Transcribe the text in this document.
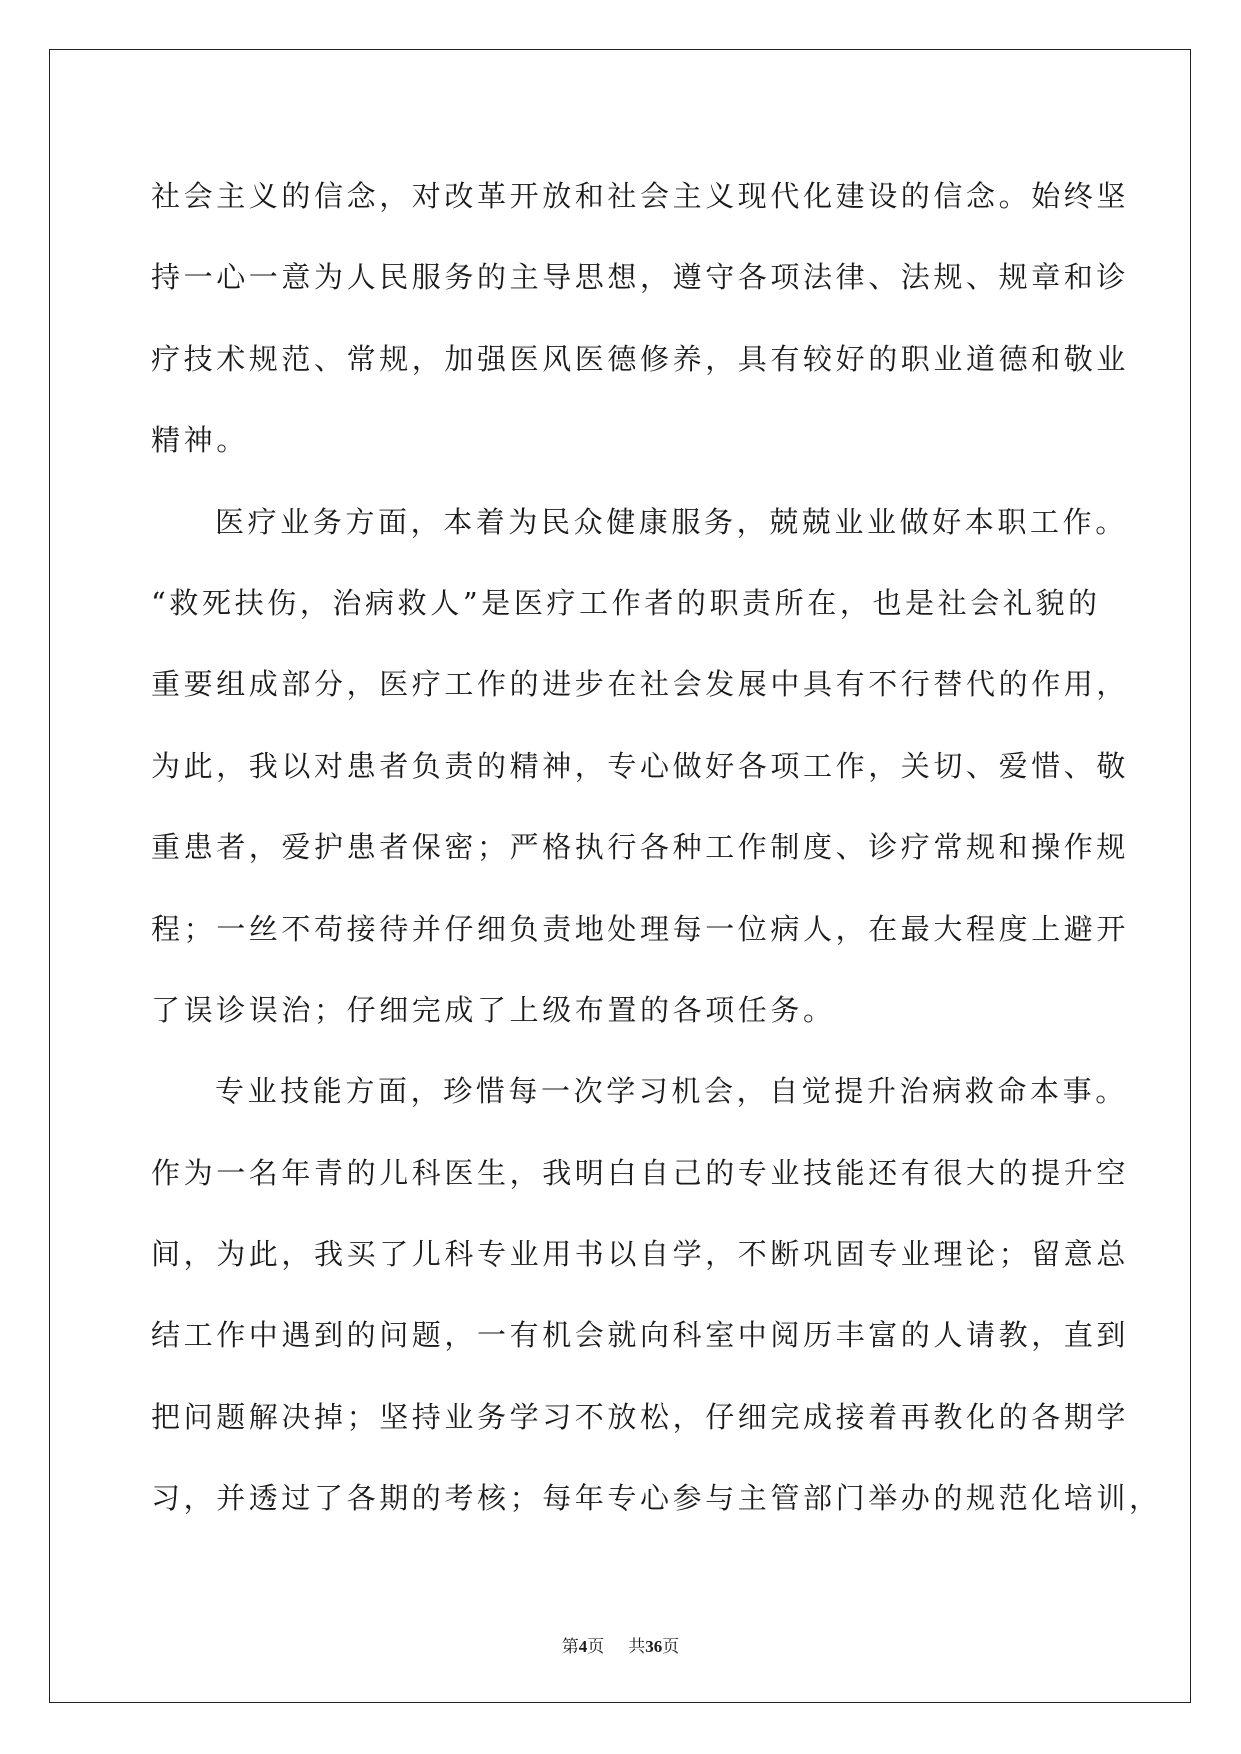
社会主义的信念，对改革开放和社会主义现代化建设的信念。始终坚

持一心一意为人民服务的主导思想，遵守各项法律、法规、规章和诊

疗技术规范、常规，加强医风医德修养，具有较好的职业道德和敬业

精神。

医疗业务方面，本着为民众健康服务，兢兢业业做好本职工作。

“救死扶伤，治病救人”是医疗工作者的职责所在，也是社会礼貌的

重要组成部分，医疗工作的进步在社会发展中具有不行替代的作用，

为此，我以对患者负责的精神，专心做好各项工作，关切、爱惜、敬

重患者，爱护患者保密；严格执行各种工作制度、诊疗常规和操作规

程；一丝不苟接待并仔细负责地处理每一位病人，在最大程度上避开

了误诊误治；仔细完成了上级布置的各项任务。

专业技能方面，珍惜每一次学习机会，自觉提升治病救命本事。

作为一名年青的儿科医生，我明白自己的专业技能还有很大的提升空

间，为此，我买了儿科专业用书以自学，不断巩固专业理论；留意总

结工作中遇到的问题，一有机会就向科室中阅历丰富的人请教，直到

把问题解决掉；坚持业务学习不放松，仔细完成接着再教化的各期学

习，并透过了各期的考核；每年专心参与主管部门举办的规范化培训，

第4页 共36页
